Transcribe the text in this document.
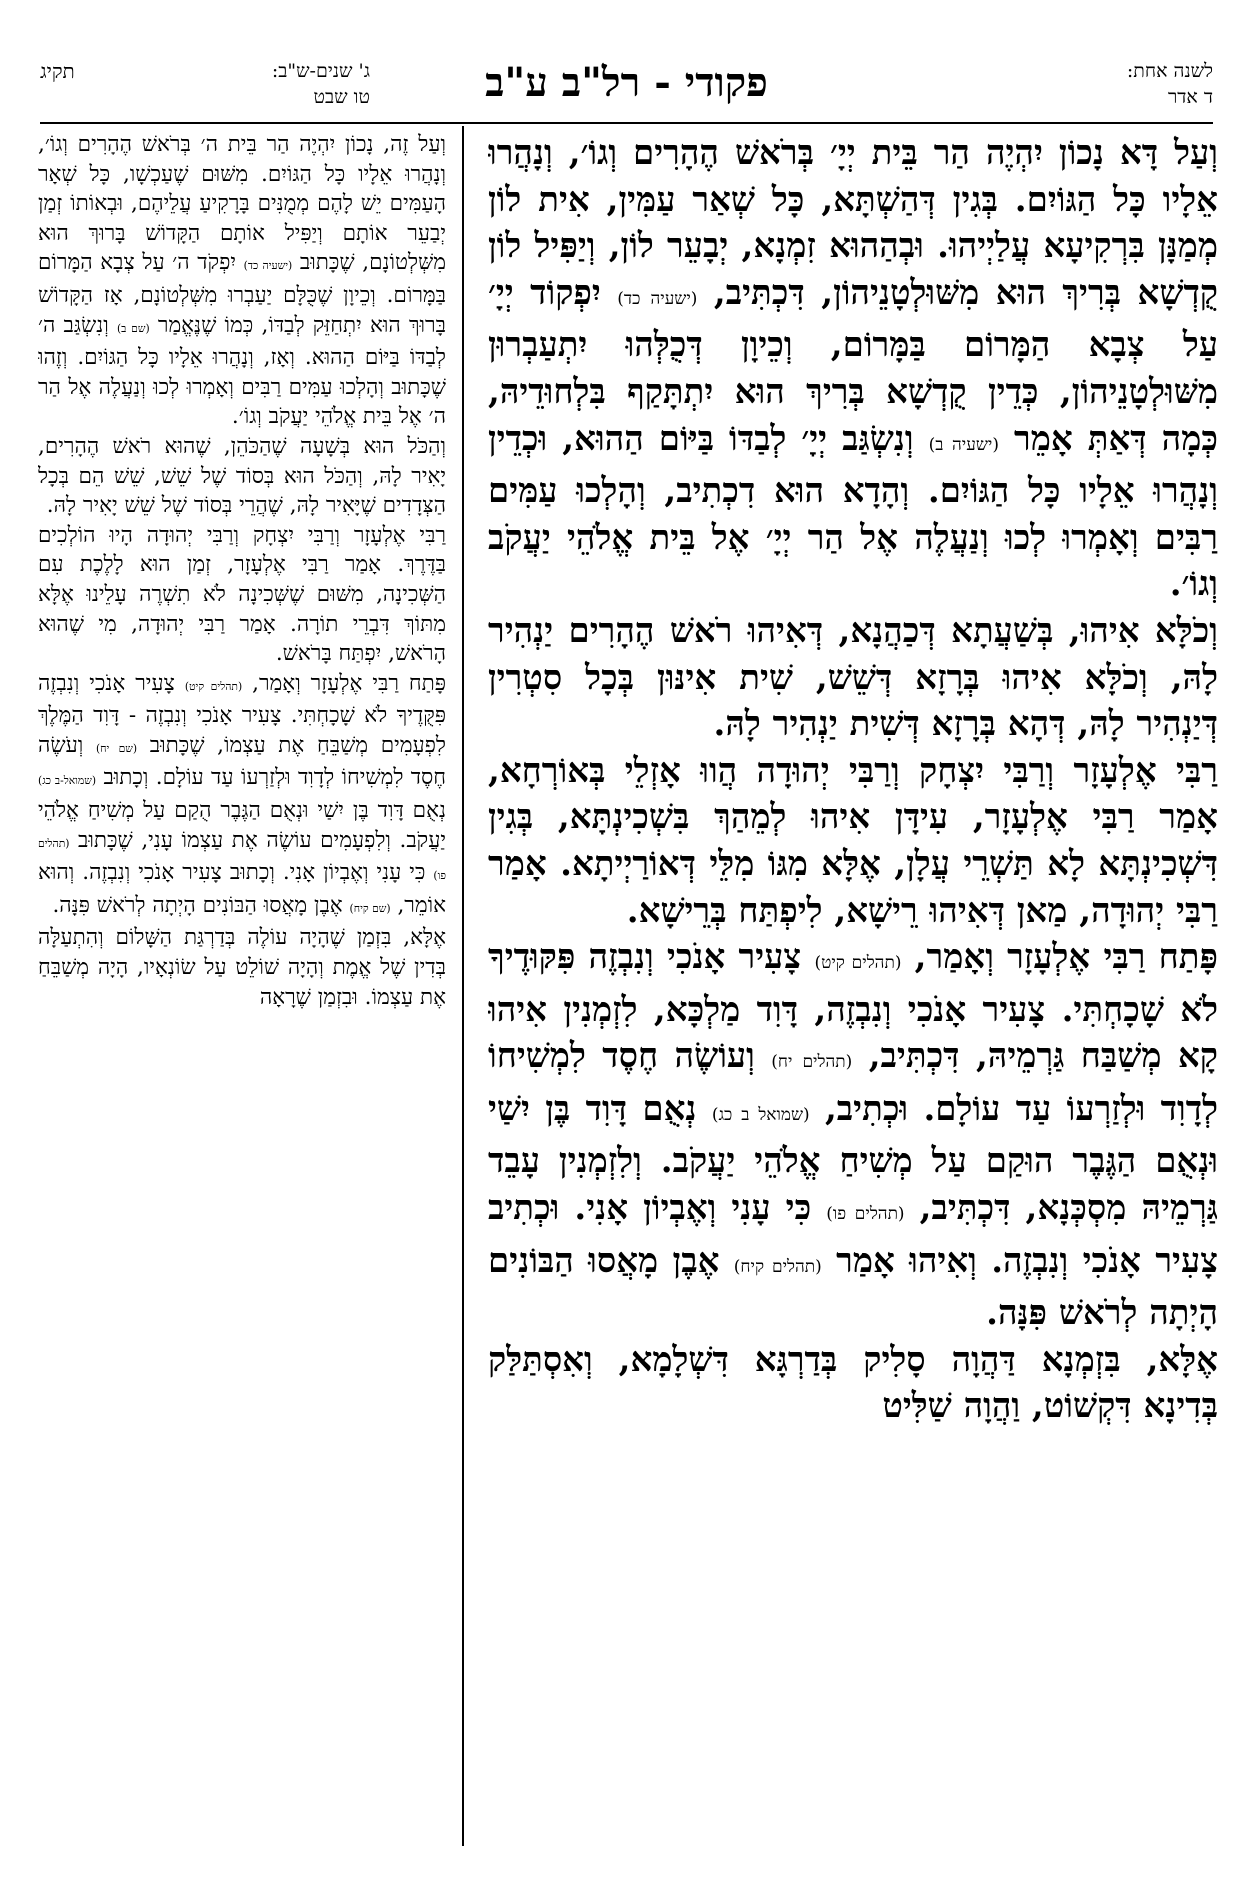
לשנה אחת:
ד אדר
פקודי - רל"ב ע"ב
תקיג	ג' שנים-ש"ב:
טו שבט

וְעַל דָּא נָכוֹן יִהְיֶה הַר בֵּית יְיָ׳ בְּרֹאשׁ הֶהָרִים וְגוֹ׳, וְנָהֲרוּ אֵלָיו כָּל הַגּוֹיִם. בְּגִין דְּהַשְׁתָּא, כָּל שְׁאַר עַמִּין, אִית לוֹן מְמַנָּן בִּרְקִיעָא עֲלַיְיהוּ. וּבְהַהוּא זִמְנָא, יְבָעֵר לוֹן, וְיַפִּיל לוֹן קֻדְשָׁא בְּרִיךְ הוּא מִשּׁוּלְטָנֵיהוֹן, דִּכְתִּיב, (ישעיה כד) יִפְקוֹד יְיָ׳ עַל צְבָא הַמָּרוֹם בַּמָּרוֹם, וְכֵיוָן דְּכֻלְּהוּ יִתְעַבְרוּן מִשּׁוּלְטָנֵיהוֹן, כְּדֵין קֻדְשָׁא בְּרִיךְ הוּא יִתְתָּקַף בִּלְחוּדֵיהּ, כְּמָה דְּאַתְּ אָמֵר (ישעיה ב) וְנִשְׂגַּב יְיָ׳ לְבַדּוֹ בַּיּוֹם הַהוּא, וּכְדֵין וְנָהֲרוּ אֵלָיו כָּל הַגּוֹיִם. וְהָדָא הוּא דִכְתִיב, וְהָלְכוּ עַמִּים רַבִּים וְאָמְרוּ לְכוּ וְנַעֲלֶה אֶל הַר יְיָ׳ אֶל בֵּית אֱלֹהֵי יַעֲקֹב וְגוֹ׳.

וְכֹלָּא אִיהוּ, בְּשַׁעֲתָא דְּכַהֲנָא, דְּאִיהוּ רֹאשׁ הֶהָרִים יַנְהִיר לָהּ, וְכֹלָּא אִיהוּ בְּרָזָא דְּשֵׁשׁ, שִׁית אִינּוּן בְּכָל סִטְרִין דְּיַנְהִיר לָהּ, דְּהָא בְּרָזָא דְּשִׁית יַנְהִיר לָהּ.

רַבִּי אֶלְעָזָר וְרַבִּי יִצְחָק וְרַבִּי יְהוּדָה הֲווּ אָזְלֵי בְּאוֹרְחָא, אָמַר רַבִּי אֶלְעָזָר, עִידָּן אִיהוּ לְמֵהַךְ בִּשְׁכִינְתָּא, בְּגִין דִּשְׁכִינְתָּא לָא תַּשְׁרֵי עֲלָן, אֶלָּא מִגּוֹ מִלֵּי דְּאוֹרַיְיתָא. אָמַר רַבִּי יְהוּדָה, מַאן דְּאִיהוּ רֵישָׁא, לִיפְתַּח בְּרֵישָׁא.

פָּתַח רַבִּי אֶלְעָזָר וְאָמַר, (תהלים קיט) צָעִיר אָנֹכִי וְנִבְזֶה פִּקּוּדֶיךָ לֹא שָׁכָחְתִּי. צָעִיר אָנֹכִי וְנִבְזֶה, דָּוִד מַלְכָּא, לִזְמְנִין אִיהוּ קָא מְשַׁבַּח גַּרְמֵיהּ, דִּכְתִּיב, (תהלים יח) וְעוֹשֶׂה חֶסֶד לִמְשִׁיחוֹ לְדָוִד וּלְזַרְעוֹ עַד עוֹלָם. וּכְתִיב, (שמואל ב כג) נְאֻם דָּוִד בֶּן יִשַׁי וּנְאֻם הַגֶּבֶר הוּקַם עַל מְשִׁיחַ אֱלֹהֵי יַעֲקֹב. וְלִזְמְנִין עָבֵד גַּרְמֵיהּ מִסְכְּנָא, דִּכְתִּיב, (תהלים פו) כִּי עָנִי וְאֶבְיוֹן אָנִי. וּכְתִיב צָעִיר אָנֹכִי וְנִבְזֶה. וְאִיהוּ אָמַר (תהלים קיח) אֶבֶן מָאֲסוּ הַבּוֹנִים הָיְתָה לְרֹאשׁ פִּנָּה.

אֶלָּא, בִּזְמְנָא דַּהֲוָה סָלִיק בְּדַרְגָּא דִּשְׁלָמָא, וְאִסְתַּלַּק בְּדִינָא דִּקְשׁוֹט, וַהֲוָה שַׁלִּיט

וְעַל זֶה, נָכוֹן יִהְיֶה הַר בֵּית ה׳ בְּרֹאשׁ הֶהָרִים וְגוֹ׳, וְנָהֲרוּ אֵלָיו כָּל הַגּוֹיִם. מִשּׁוּם שֶׁעַכְשָׁו, כָּל שְׁאָר הָעַמִּים יֵשׁ לָהֶם מְמֻנִּים בָּרָקִיעַ עֲלֵיהֶם, וּבְאוֹתוֹ זְמַן יְבַעֵר אוֹתָם וְיַפִּיל אוֹתָם הַקָּדוֹשׁ בָּרוּךְ הוּא מִשְּׁלְטוֹנָם, שֶׁכָּתוּב (ישעיה כד) יִפְקֹד ה׳ עַל צְבָא הַמָּרוֹם בַּמָּרוֹם. וְכֵיוָן שֶׁכֻּלָּם יַעַבְרוּ מִשְּׁלְטוֹנָם, אָז הַקָּדוֹשׁ בָּרוּךְ הוּא יִתְחַזֵּק לְבַדּוֹ, כְּמוֹ שֶׁנֶּאֱמַר (שם ב) וְנִשְׂגַּב ה׳ לְבַדּוֹ בַּיּוֹם הַהוּא. וְאָז, וְנָהֲרוּ אֵלָיו כָּל הַגּוֹיִם. וְזֶהוּ שֶׁכָּתוּב וְהָלְכוּ עַמִּים רַבִּים וְאָמְרוּ לְכוּ וְנַעֲלֶה אֶל הַר ה׳ אֶל בֵּית אֱלֹהֵי יַעֲקֹב וְגוֹ׳.

וְהַכֹּל הוּא בְּשָׁעָה שֶׁהַכֹּהֵן, שֶׁהוּא רֹאשׁ הֶהָרִים, יָאִיר לָהּ, וְהַכֹּל הוּא בְּסוֹד שֶׁל שֵׁשׁ, שֵׁשׁ הֵם בְּכָל הַצְּדָדִים שֶׁיָּאִיר לָהּ, שֶׁהֲרֵי בְּסוֹד שֶׁל שֵׁשׁ יָאִיר לָהּ.

רַבִּי אֶלְעָזָר וְרַבִּי יִצְחָק וְרַבִּי יְהוּדָה הָיוּ הוֹלְכִים בַּדֶּרֶךְ. אָמַר רַבִּי אֶלְעָזָר, זְמַן הוּא לָלֶכֶת עִם הַשְּׁכִינָה, מִשּׁוּם שֶׁשְּׁכִינָה לֹא תִשְׁרֶה עָלֵינוּ אֶלָּא מִתּוֹךְ דִּבְרֵי תוֹרָה. אָמַר רַבִּי יְהוּדָה, מִי שֶׁהוּא הָרֹאשׁ, יִפְתַּח בָּרֹאשׁ.

פָּתַח רַבִּי אֶלְעָזָר וְאָמַר, (תהלים קיט) צָעִיר אָנֹכִי וְנִבְזֶה פִּקֻּדֶיךָ לֹא שָׁכָחְתִּי. צָעִיר אָנֹכִי וְנִבְזֶה - דָּוִד הַמֶּלֶךְ לִפְעָמִים מְשַׁבֵּחַ אֶת עַצְמוֹ, שֶׁכָּתוּב (שם יח) וְעֹשֶׂה חֶסֶד לִמְשִׁיחוֹ לְדָוִד וּלְזַרְעוֹ עַד עוֹלָם. וְכָתוּב (שמואל-ב כג) נְאֻם דָּוִד בֶּן יִשַׁי וּנְאֻם הַגֶּבֶר הֻקַם עַל מְשִׁיחַ אֱלֹהֵי יַעֲקֹב. וְלִפְעָמִים עוֹשֶׂה אֶת עַצְמוֹ עָנִי, שֶׁכָּתוּב (תהלים פו) כִּי עָנִי וְאֶבְיוֹן אָנִי. וְכָתוּב צָעִיר אָנֹכִי וְנִבְזֶה. וְהוּא אוֹמֵר, (שם קיח) אֶבֶן מָאֲסוּ הַבּוֹנִים הָיְתָה לְרֹאשׁ פִּנָּה.

אֶלָּא, בִּזְמַן שֶׁהָיָה עוֹלֶה בְּדַרְגַּת הַשָּׁלוֹם וְהִתְעַלָּה בְּדִין שֶׁל אֱמֶת וְהָיָה שׁוֹלֵט עַל שׂוֹנְאָיו, הָיָה מְשַׁבֵּחַ אֶת עַצְמוֹ. וּבִזְמַן שֶׁרָאָה
